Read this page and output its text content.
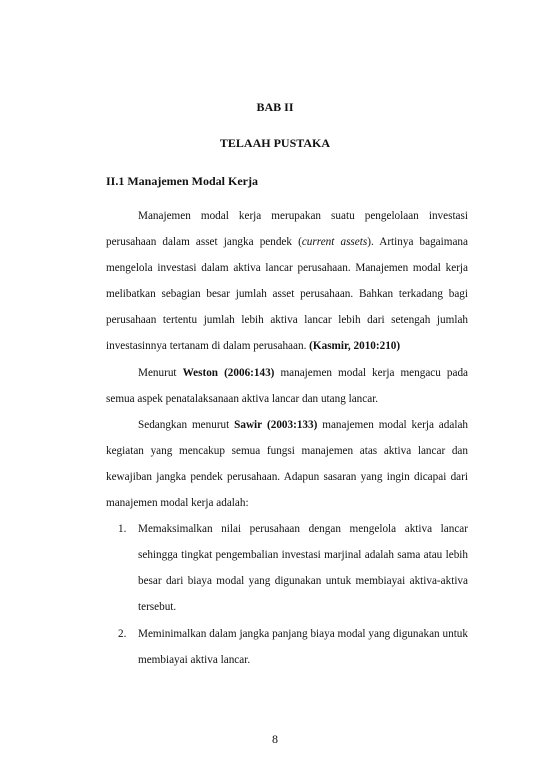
BAB II
TELAAH PUSTAKA
II.1 Manajemen Modal Kerja

Manajemen modal kerja merupakan suatu pengelolaan investasi perusahaan dalam asset jangka pendek (current assets). Artinya bagaimana mengelola investasi dalam aktiva lancar perusahaan. Manajemen modal kerja melibatkan sebagian besar jumlah asset perusahaan. Bahkan terkadang bagi perusahaan tertentu jumlah lebih aktiva lancar lebih dari setengah jumlah investasinnya tertanam di dalam perusahaan. (Kasmir, 2010:210)

Menurut Weston (2006:143) manajemen modal kerja mengacu pada semua aspek penatalaksanaan aktiva lancar dan utang lancar.

Sedangkan menurut Sawir (2003:133) manajemen modal kerja adalah kegiatan yang mencakup semua fungsi manajemen atas aktiva lancar dan kewajiban jangka pendek perusahaan. Adapun sasaran yang ingin dicapai dari manajemen modal kerja adalah:

1. Memaksimalkan nilai perusahaan dengan mengelola aktiva lancar sehingga tingkat pengembalian investasi marjinal adalah sama atau lebih besar dari biaya modal yang digunakan untuk membiayai aktiva-aktiva tersebut.
2. Meminimalkan dalam jangka panjang biaya modal yang digunakan untuk membiayai aktiva lancar.
8
